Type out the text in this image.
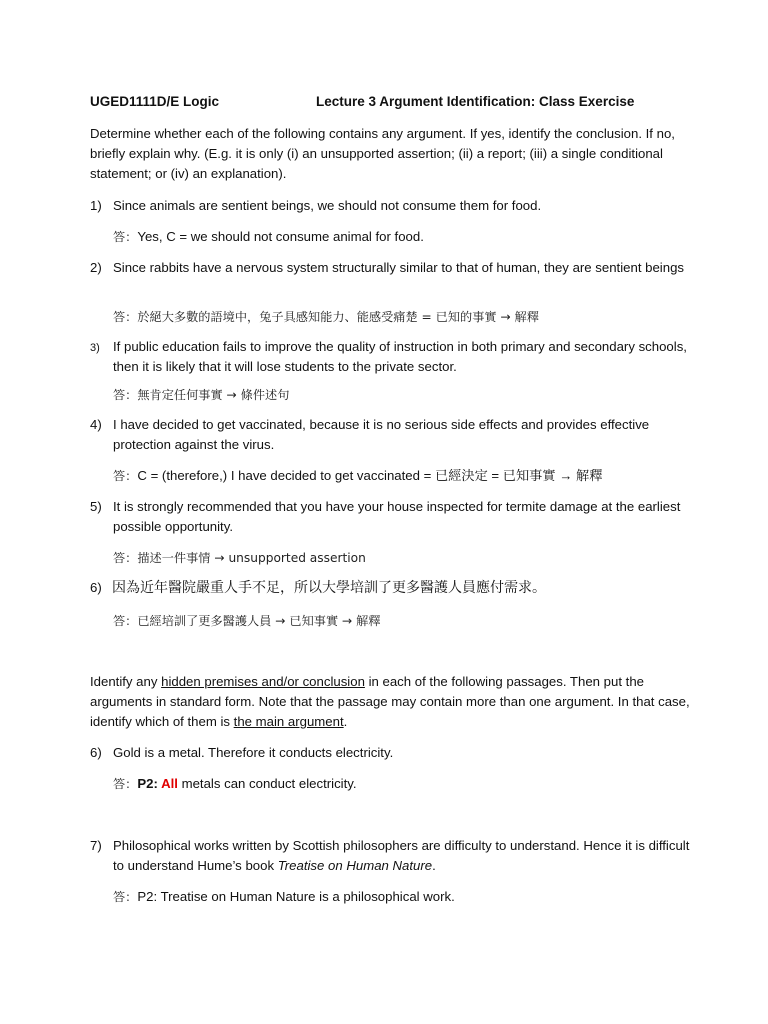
UGED1111D/E Logic	Lecture 3 Argument Identification: Class Exercise
Determine whether each of the following contains any argument. If yes, identify the conclusion. If no, briefly explain why. (E.g. it is only (i) an unsupported assertion; (ii) a report; (iii) a single conditional statement; or (iv) an explanation).
1) Since animals are sentient beings, we should not consume them for food.
答：Yes, C = we should not consume animal for food.
2) Since rabbits have a nervous system structurally similar to that of human, they are sentient beings
答：於絕大多數的語境中，兔子具感知能力、能感受痛楚 = 已知的事實 → 解釋
3) If public education fails to improve the quality of instruction in both primary and secondary schools, then it is likely that it will lose students to the private sector.
答：無肯定任何事實 → 條件述句
4) I have decided to get vaccinated, because it is no serious side effects and provides effective protection against the virus.
答：C = (therefore,) I have decided to get vaccinated = 已經決定 = 已知事實 → 解釋
5) It is strongly recommended that you have your house inspected for termite damage at the earliest possible opportunity.
答：描述一件事情 → unsupported assertion
6) 因為近年醫院嚴重人手不足，所以大學培訓了更多醫護人員應付需求。
答：已經培訓了更多醫護人員 → 已知事實 → 解釋
Identify any hidden premises and/or conclusion in each of the following passages. Then put the arguments in standard form. Note that the passage may contain more than one argument. In that case, identify which of them is the main argument.
6) Gold is a metal. Therefore it conducts electricity.
答：P2: All metals can conduct electricity.
7) Philosophical works written by Scottish philosophers are difficulty to understand. Hence it is difficult to understand Hume’s book Treatise on Human Nature.
答：P2: Treatise on Human Nature is a philosophical work.
